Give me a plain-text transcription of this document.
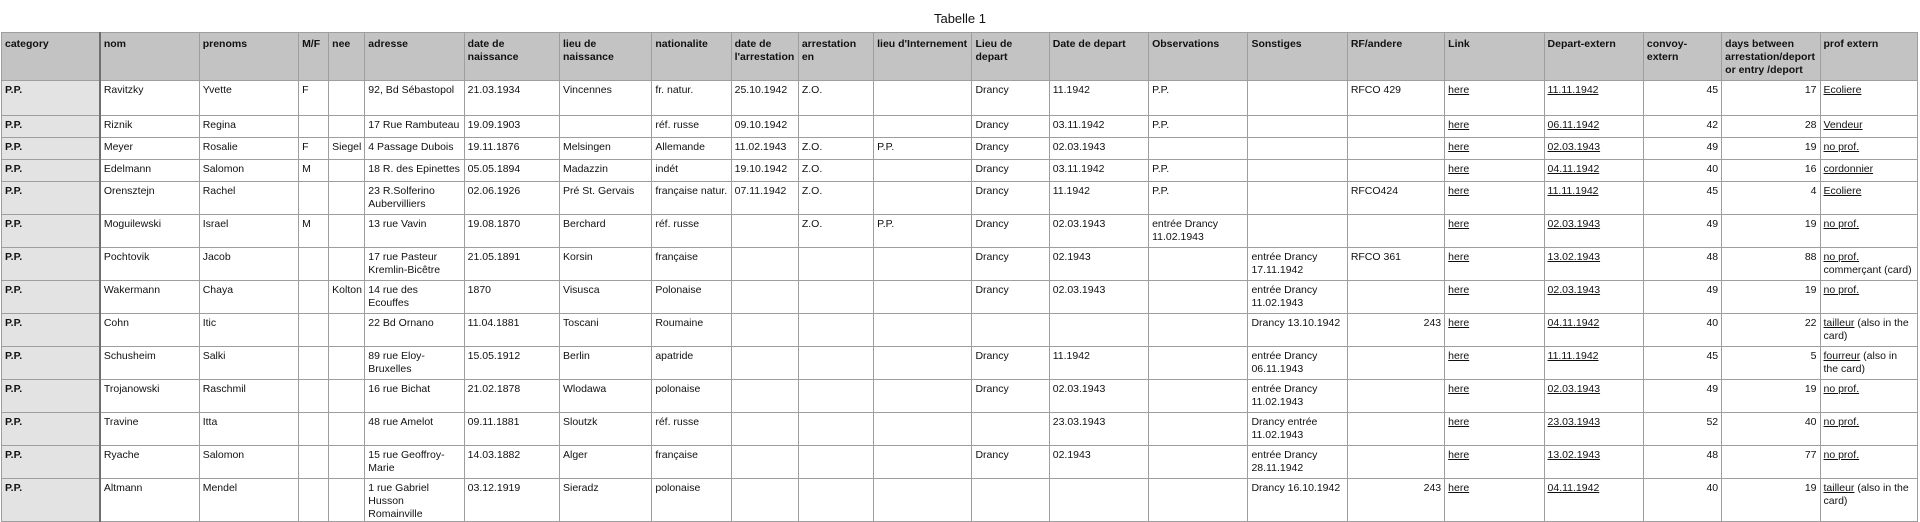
Tabelle 1
category	nom	prenoms	M/F	nee	adresse	date de naissance	lieu de naissance	nationalite	date de l'arrestation	arrestation en	lieu d'Internement	Lieu de depart	Date de depart	Observations	Sonstiges	RF/andere	Link	Depart-extern	convoy-extern	days between arrestation/deport or entry /deport	prof extern
P.P.	Ravitzky	Yvette	F		92, Bd Sébastopol	21.03.1934	Vincennes	fr. natur.	25.10.1942	Z.O.		Drancy	11.1942	P.P.		RFCO 429	here	11.11.1942	45	17	Ecoliere
P.P.	Riznik	Regina			17 Rue Rambuteau	19.09.1903		réf. russe	09.10.1942			Drancy	03.11.1942	P.P.			here	06.11.1942	42	28	Vendeur
P.P.	Meyer	Rosalie	F	Siegel	4 Passage Dubois	19.11.1876	Melsingen	Allemande	11.02.1943	Z.O.	P.P.	Drancy	02.03.1943				here	02.03.1943	49	19	no prof.
P.P.	Edelmann	Salomon	M		18 R. des Epinettes	05.05.1894	Madazzin	indét	19.10.1942	Z.O.		Drancy	03.11.1942	P.P.			here	04.11.1942	40	16	cordonnier
P.P.	Orensztejn	Rachel			23 R.Solferino Aubervilliers	02.06.1926	Pré St. Gervais	française natur.	07.11.1942	Z.O.		Drancy	11.1942	P.P.		RFCO424	here	11.11.1942	45	4	Ecoliere
P.P.	Moguilewski	Israel	M		13 rue Vavin	19.08.1870	Berchard	réf. russe		Z.O.	P.P.	Drancy	02.03.1943	entrée Drancy 11.02.1943			here	02.03.1943	49	19	no prof.
P.P.	Pochtovik	Jacob			17 rue Pasteur Kremlin-Bicêtre	21.05.1891	Korsin	française				Drancy	02.1943		entrée Drancy 17.11.1942	RFCO 361	here	13.02.1943	48	88	no prof. commerçant (card)
P.P.	Wakermann	Chaya		Kolton	14 rue des Ecouffes	1870	Visusca	Polonaise				Drancy	02.03.1943		entrée Drancy 11.02.1943		here	02.03.1943	49	19	no prof.
P.P.	Cohn	Itic			22 Bd Ornano	11.04.1881	Toscani	Roumaine							Drancy 13.10.1942	243	here	04.11.1942	40	22	tailleur (also in the card)
P.P.	Schusheim	Salki			89 rue Eloy-Bruxelles	15.05.1912	Berlin	apatride				Drancy	11.1942		entrée Drancy 06.11.1943		here	11.11.1942	45	5	fourreur (also in the card)
P.P.	Trojanowski	Raschmil			16 rue Bichat	21.02.1878	Wlodawa	polonaise				Drancy	02.03.1943		entrée Drancy 11.02.1943		here	02.03.1943	49	19	no prof.
P.P.	Travine	Itta			48 rue Amelot	09.11.1881	Sloutzk	réf. russe					23.03.1943		Drancy entrée 11.02.1943		here	23.03.1943	52	40	no prof.
P.P.	Ryache	Salomon			15 rue Geoffroy-Marie	14.03.1882	Alger	française				Drancy	02.1943		entrée Drancy 28.11.1942		here	13.02.1943	48	77	no prof.
P.P.	Altmann	Mendel			1 rue Gabriel Husson Romainville	03.12.1919	Sieradz	polonaise							Drancy 16.10.1942	243	here	04.11.1942	40	19	tailleur (also in the card)
